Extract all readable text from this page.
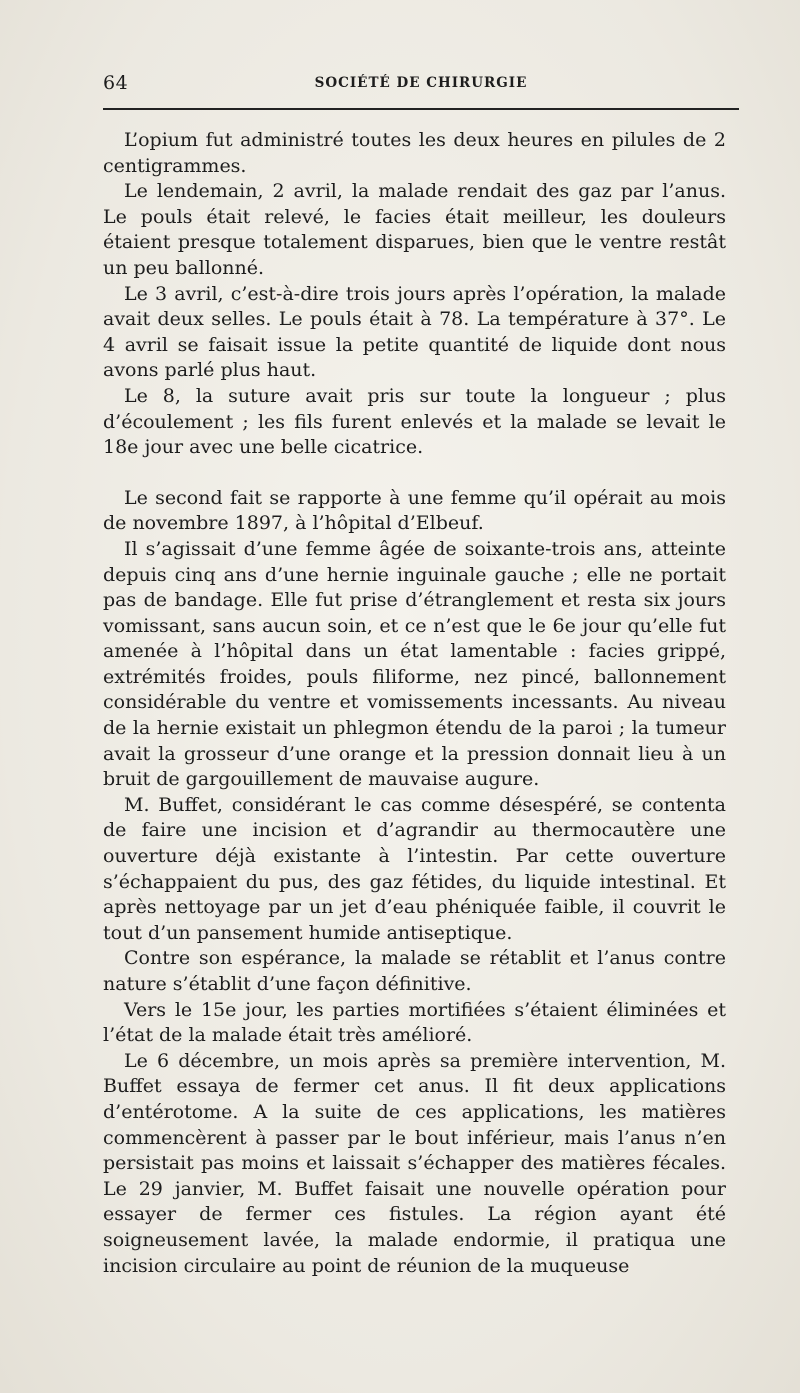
64	SOCIÉTÉ DE CHIRURGIE

L’opium fut administré toutes les deux heures en pilules de 2 centigrammes.

Le lendemain, 2 avril, la malade rendait des gaz par l’anus. Le pouls était relevé, le facies était meilleur, les douleurs étaient presque totalement disparues, bien que le ventre restât un peu ballonné.

Le 3 avril, c’est-à-dire trois jours après l’opération, la malade avait deux selles. Le pouls était à 78. La température à 37°. Le 4 avril se faisait issue la petite quantité de liquide dont nous avons parlé plus haut.

Le 8, la suture avait pris sur toute la longueur ; plus d’écoulement ; les fils furent enlevés et la malade se levait le 18e jour avec une belle cicatrice.

Le second fait se rapporte à une femme qu’il opérait au mois de novembre 1897, à l’hôpital d’Elbeuf.

Il s’agissait d’une femme âgée de soixante-trois ans, atteinte depuis cinq ans d’une hernie inguinale gauche ; elle ne portait pas de bandage. Elle fut prise d’étranglement et resta six jours vomissant, sans aucun soin, et ce n’est que le 6e jour qu’elle fut amenée à l’hôpital dans un état lamentable : facies grippé, extrémités froides, pouls filiforme, nez pincé, ballonnement considérable du ventre et vomissements incessants. Au niveau de la hernie existait un phlegmon étendu de la paroi ; la tumeur avait la grosseur d’une orange et la pression donnait lieu à un bruit de gargouillement de mauvaise augure.

M. Buffet, considérant le cas comme désespéré, se contenta de faire une incision et d’agrandir au thermocautère une ouverture déjà existante à l’intestin. Par cette ouverture s’échappaient du pus, des gaz fétides, du liquide intestinal. Et après nettoyage par un jet d’eau phéniquée faible, il couvrit le tout d’un pansement humide antiseptique.

Contre son espérance, la malade se rétablit et l’anus contre nature s’établit d’une façon définitive.

Vers le 15e jour, les parties mortifiées s’étaient éliminées et l’état de la malade était très amélioré.

Le 6 décembre, un mois après sa première intervention, M. Buffet essaya de fermer cet anus. Il fit deux applications d’entérotome. A la suite de ces applications, les matières commencèrent à passer par le bout inférieur, mais l’anus n’en persistait pas moins et laissait s’échapper des matières fécales. Le 29 janvier, M. Buffet faisait une nouvelle opération pour essayer de fermer ces fistules. La région ayant été soigneusement lavée, la malade endormie, il pratiqua une incision circulaire au point de réunion de la muqueuse
